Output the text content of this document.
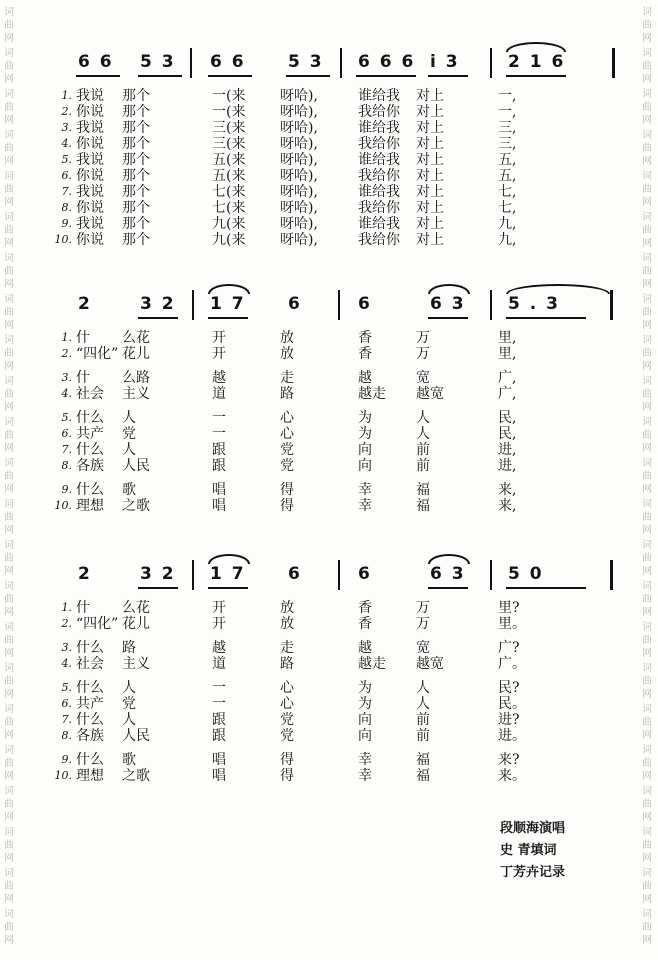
词
曲
网

词
曲
网

词
曲
网

词
曲
网

词
曲
网

词
曲
网

词
曲
网

词
曲
网

词
曲
网

词
曲
网

词
曲
网

词
曲
网

词
曲
网

词
曲
网

词
曲
网

词
曲
网

词
曲
网

词
曲
网

词
曲
网

词
曲
网

词
曲
网

词
曲
网

词
曲
网

词
曲
网

词
曲
网

词
曲
网

词
曲
网

词
曲
网

词
曲
网

词
曲
网

词
曲
网

词
曲
网

词
曲
网

词
曲
网

词
曲
网

词
曲
网

词
曲
网

词
曲
网

词
曲
网

词
曲
网

词
曲
网

词
曲
网

词
曲
网

词
曲
网

词
曲
网

词
曲
网

6 6 5 3 6 6 5 3 6 6 6 i 3	2 1 6
1. 我说 那个	一(来 呀哈),	谁给我 对上	一,
2. 你说 那个	一(来 呀哈),	我给你 对上	一,
3. 我说 那个	三(来 呀哈),	谁给我 对上	三,
4. 你说 那个	三(来 呀哈),	我给你 对上	三,
5. 我说 那个	五(来 呀哈),	谁给我 对上	五,
6. 你说 那个	五(来 呀哈),	我给你 对上	五,
7. 我说 那个	七(来 呀哈),	谁给我 对上	七,
8. 你说 那个	七(来 呀哈),	我给你 对上	七,
9. 我说 那个	九(来 呀哈),	谁给我 对上	九,
10. 你说 那个	九(来 呀哈),	我给你 对上	九,
2	3 2 1 7 6	6	6 3 5 . 3
1. 什 么花	开	放	香	万	里,
2. “四化” 花儿	开	放	香	万	里,
3. 什 么路	越	走	越	宽	广,
4. 社会 主义	道	路	越走 越宽	广,
5. 什么 人	一	心	为	人	民,
6. 共产 党	一	心	为	人	民,
7. 什么 人	跟	党	向	前	进,
8. 各族 人民	跟	党	向	前	进,
9. 什么 歌	唱	得	幸	福	来,
10. 理想 之歌	唱	得	幸	福	来,
2	3 2 1 7 6	6	6 3 5 0
1. 什 么花	开	放	香	万	里?
2. “四化” 花儿	开	放	香	万	里。
3. 什么 路	越	走	越	宽	广?
4. 社会 主义	道	路	越走 越宽	广。
5. 什么 人	一	心	为	人	民?
6. 共产 党	一	心	为	人	民。
7. 什么 人	跟	党	向	前	进?
8. 各族 人民	跟	党	向	前	进。
9. 什么 歌	唱	得	幸	福	来?
10. 理想 之歌	唱	得	幸	福	来。
段顺海演唱
史 青填词
丁芳卉记录
